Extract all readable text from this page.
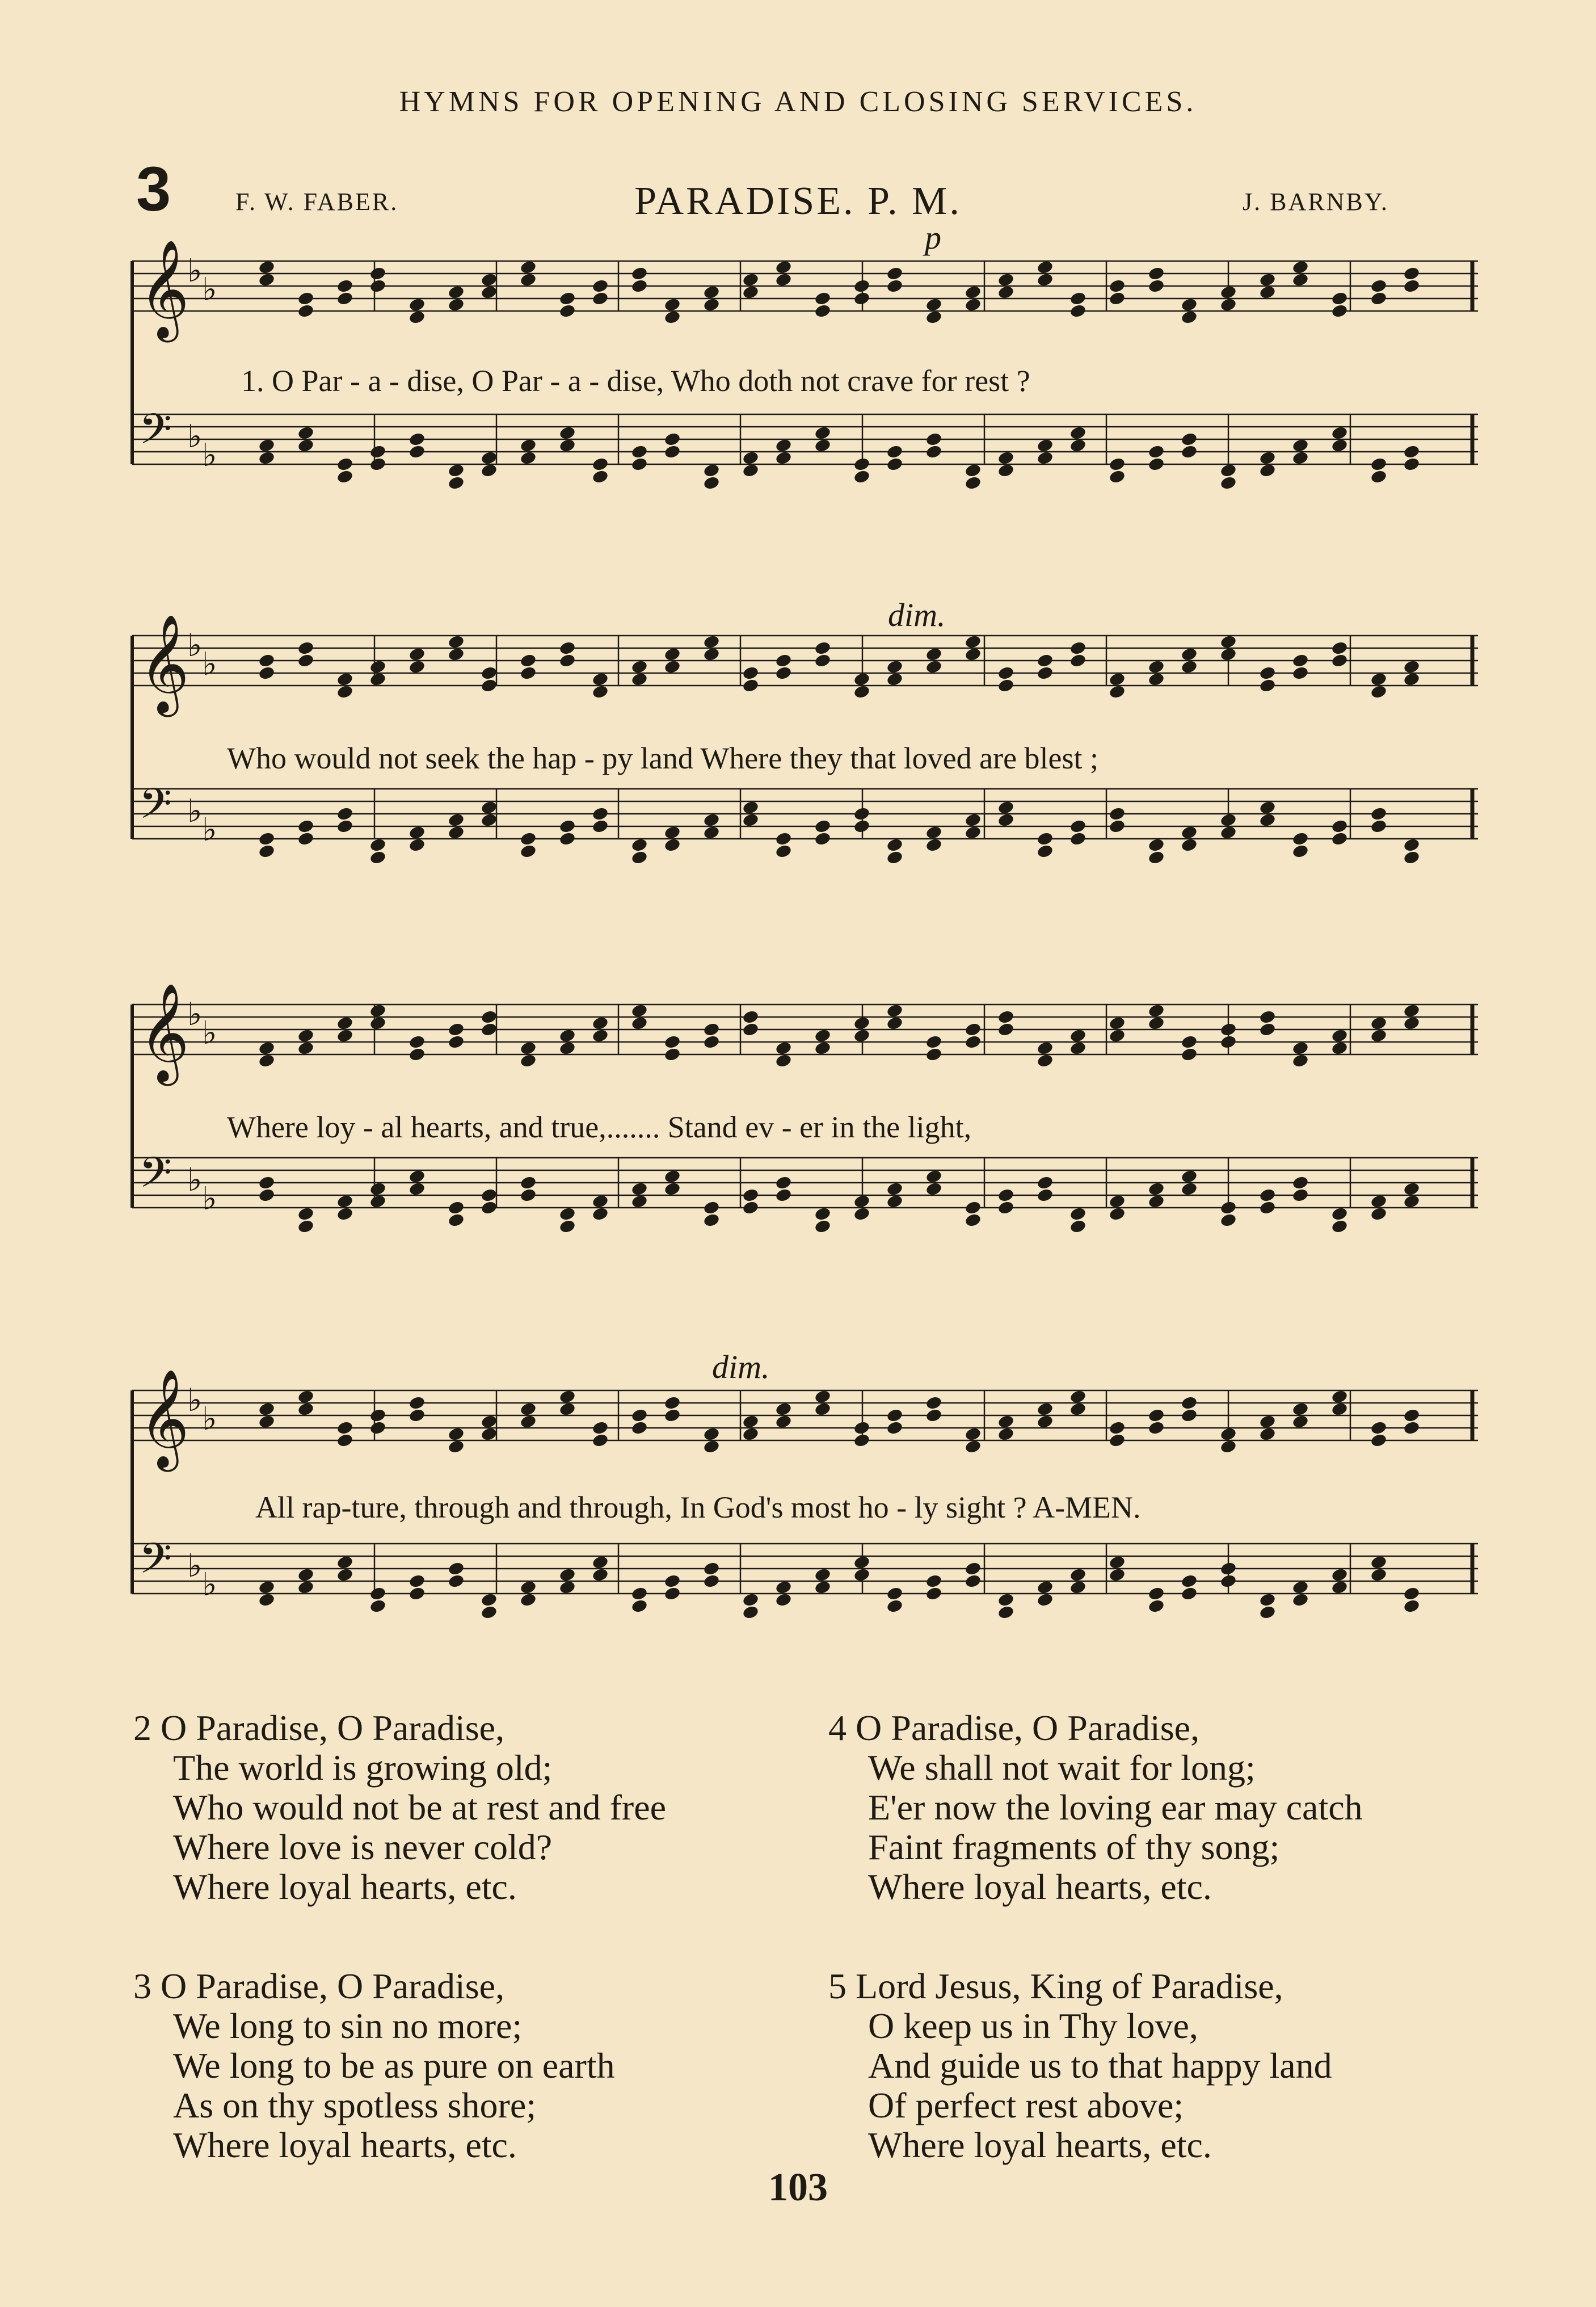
HYMNS FOR OPENING AND CLOSING SERVICES.
3	F. W. FABER.	PARADISE. P. M.	J. BARNBY.
p
dim.
dim.
𝄞
♭
♭
𝄢 ♭
♭
𝄞
♭
♭
𝄢 ♭
♭
𝄞
♭
♭
𝄢 ♭
♭
𝄞
♭
♭
𝄢 ♭
♭
1. O Par - a - dise, O Par - a - dise, Who doth not crave for rest ?
Who would not seek the hap - py land Where they that loved are blest ;
Where loy - al hearts, and true,....... Stand ev - er in the light,
All rap-ture, through and through, In God's most ho - ly sight ? A-MEN.
2 O Paradise, O Paradise,
The world is growing old;
Who would not be at rest and free
Where love is never cold?
Where loyal hearts, etc.
4 O Paradise, O Paradise,
We shall not wait for long;
E'er now the loving ear may catch
Faint fragments of thy song;
Where loyal hearts, etc.
3 O Paradise, O Paradise,
We long to sin no more;
We long to be as pure on earth
As on thy spotless shore;
Where loyal hearts, etc.
5 Lord Jesus, King of Paradise,
O keep us in Thy love,
And guide us to that happy land
Of perfect rest above;
Where loyal hearts, etc.
103
